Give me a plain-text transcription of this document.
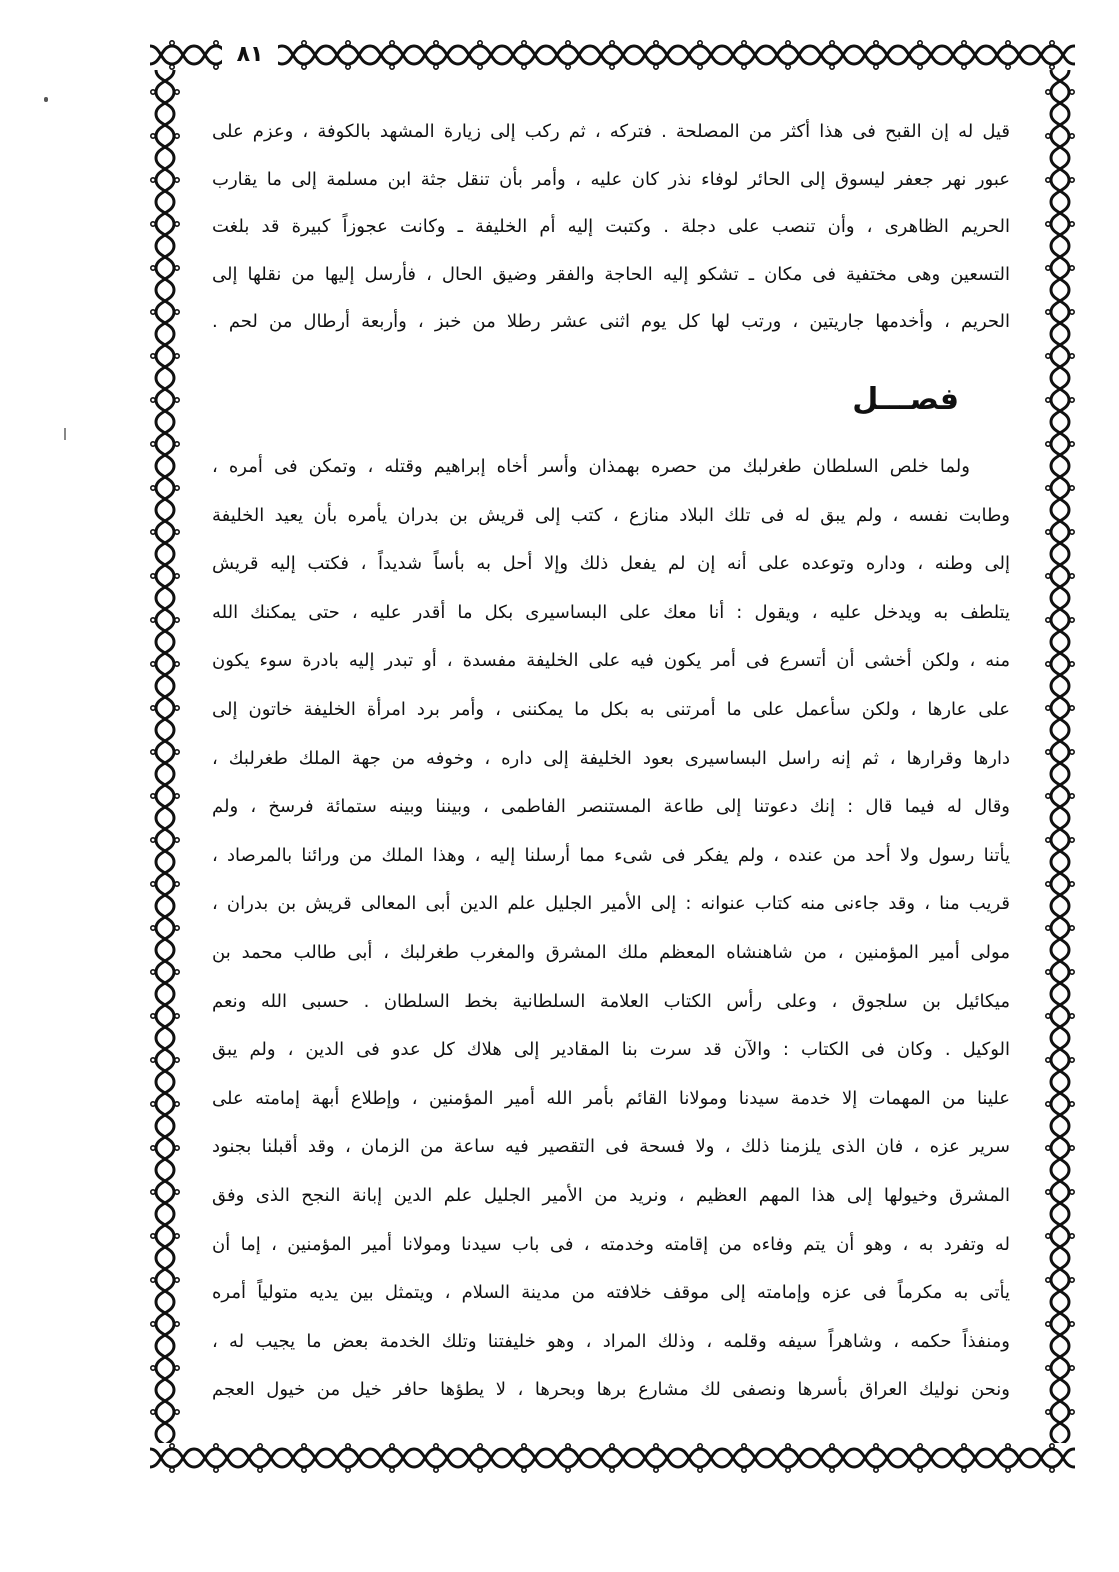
٨١
قيل له إن القبح فى هذا أكثر من المصلحة . فتركه ، ثم ركب إلى زيارة المشهد بالكوفة ، وعزم على
عبور نهر جعفر ليسوق إلى الحائر لوفاء نذر كان عليه ، وأمر بأن تنقل جثة ابن مسلمة إلى ما يقارب
الحريم الظاهرى ، وأن تنصب على دجلة . وكتبت إليه أم الخليفة ـ وكانت عجوزاً كبيرة قد بلغت
التسعين وهى مختفية فى مكان ـ تشكو إليه الحاجة والفقر وضيق الحال ، فأرسل إليها من نقلها إلى
الحريم ، وأخدمها جاريتين ، ورتب لها كل يوم اثنى عشر رطلا من خبز ، وأربعة أرطال من لحم .
فصـــل
ولما خلص السلطان طغرلبك من حصره بهمذان وأسر أخاه إبراهيم وقتله ، وتمكن فى أمره ،
وطابت نفسه ، ولم يبق له فى تلك البلاد منازع ، كتب إلى قريش بن بدران يأمره بأن يعيد الخليفة
إلى وطنه ، وداره وتوعده على أنه إن لم يفعل ذلك وإلا أحل به بأساً شديداً ، فكتب إليه قريش
يتلطف به ويدخل عليه ، ويقول : أنا معك على البساسيرى بكل ما أقدر عليه ، حتى يمكنك الله
منه ، ولكن أخشى أن أتسرع فى أمر يكون فيه على الخليفة مفسدة ، أو تبدر إليه بادرة سوء يكون
على عارها ، ولكن سأعمل على ما أمرتنى به بكل ما يمكننى ، وأمر برد امرأة الخليفة خاتون إلى
دارها وقرارها ، ثم إنه راسل البساسيرى بعود الخليفة إلى داره ، وخوفه من جهة الملك طغرلبك ،
وقال له فيما قال : إنك دعوتنا إلى طاعة المستنصر الفاطمى ، وبيننا وبينه ستمائة فرسخ ، ولم
يأتنا رسول ولا أحد من عنده ، ولم يفكر فى شىء مما أرسلنا إليه ، وهذا الملك من ورائنا بالمرصاد ،
قريب منا ، وقد جاءنى منه كتاب عنوانه : إلى الأمير الجليل علم الدين أبى المعالى قريش بن بدران ،
مولى أمير المؤمنين ، من شاهنشاه المعظم ملك المشرق والمغرب طغرلبك ، أبى طالب محمد بن
ميكائيل بن سلجوق ، وعلى رأس الكتاب العلامة السلطانية بخط السلطان . حسبى الله ونعم
الوكيل . وكان فى الكتاب : والآن قد سرت بنا المقادير إلى هلاك كل عدو فى الدين ، ولم يبق
علينا من المهمات إلا خدمة سيدنا ومولانا القائم بأمر الله أمير المؤمنين ، وإطلاع أبهة إمامته على
سرير عزه ، فان الذى يلزمنا ذلك ، ولا فسحة فى التقصير فيه ساعة من الزمان ، وقد أقبلنا بجنود
المشرق وخيولها إلى هذا المهم العظيم ، ونريد من الأمير الجليل علم الدين إبانة النجح الذى وفق
له وتفرد به ، وهو أن يتم وفاءه من إقامته وخدمته ، فى باب سيدنا ومولانا أمير المؤمنين ، إما أن
يأتى به مكرماً فى عزه وإمامته إلى موقف خلافته من مدينة السلام ، ويتمثل بين يديه متولياً أمره
ومنفذاً حكمه ، وشاهراً سيفه وقلمه ، وذلك المراد ، وهو خليفتنا وتلك الخدمة بعض ما يجيب له ،
ونحن نوليك العراق بأسرها ونصفى لك مشارع برها وبحرها ، لا يطؤها حافر خيل من خيول العجم
